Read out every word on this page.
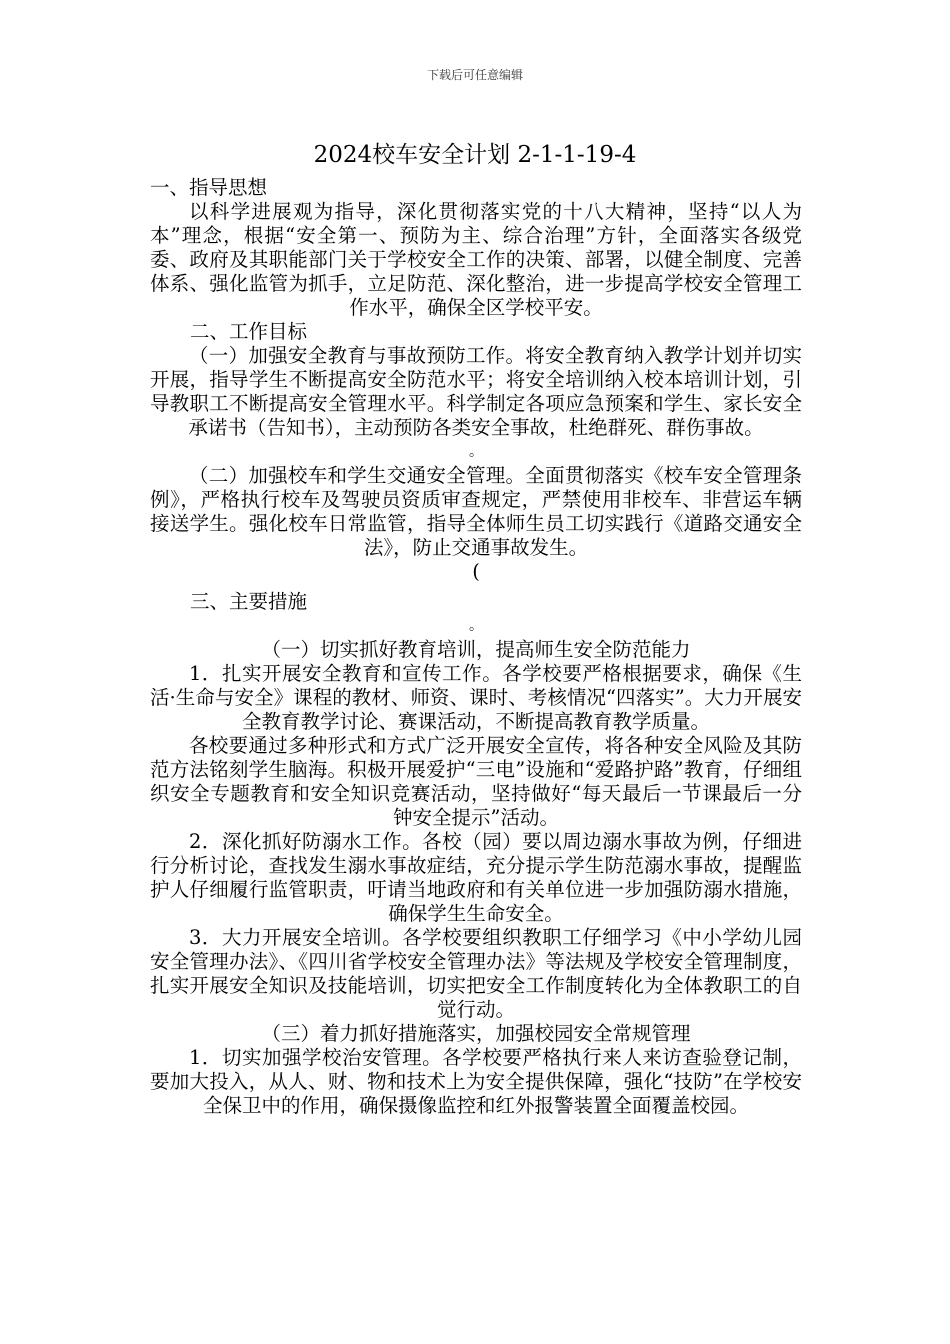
下载后可任意编辑
2024校车安全计划 2-1-1-19-4

一、指导思想

以科学进展观为指导，深化贯彻落实党的十八大精神，坚持“以人为本”理念，根据“安全第一、预防为主、综合治理”方针，全面落实各级党委、政府及其职能部门关于学校安全工作的决策、部署，以健全制度、完善体系、强化监管为抓手，立足防范、深化整治，进一步提高学校安全管理工作水平，确保全区学校平安。

二、工作目标

（一）加强安全教育与事故预防工作。将安全教育纳入教学计划并切实开展，指导学生不断提高安全防范水平；将安全培训纳入校本培训计划，引导教职工不断提高安全管理水平。科学制定各项应急预案和学生、家长安全承诺书（告知书），主动预防各类安全事故，杜绝群死、群伤事故。

。

（二）加强校车和学生交通安全管理。全面贯彻落实《校车安全管理条例》，严格执行校车及驾驶员资质审查规定，严禁使用非校车、非营运车辆接送学生。强化校车日常监管，指导全体师生员工切实践行《道路交通安全法》，防止交通事故发生。

(

三、主要措施

。

（一）切实抓好教育培训，提高师生安全防范能力

1．扎实开展安全教育和宣传工作。各学校要严格根据要求，确保《生活·生命与安全》课程的教材、师资、课时、考核情况“四落实”。大力开展安全教育教学讨论、赛课活动，不断提高教育教学质量。

各校要通过多种形式和方式广泛开展安全宣传，将各种安全风险及其防范方法铭刻学生脑海。积极开展爱护“三电”设施和“爱路护路”教育，仔细组织安全专题教育和安全知识竞赛活动，坚持做好“每天最后一节课最后一分钟安全提示”活动。

2．深化抓好防溺水工作。各校（园）要以周边溺水事故为例，仔细进行分析讨论，查找发生溺水事故症结，充分提示学生防范溺水事故，提醒监护人仔细履行监管职责，吁请当地政府和有关单位进一步加强防溺水措施，确保学生生命安全。

3．大力开展安全培训。各学校要组织教职工仔细学习《中小学幼儿园安全管理办法》、《四川省学校安全管理办法》等法规及学校安全管理制度，扎实开展安全知识及技能培训，切实把安全工作制度转化为全体教职工的自觉行动。

（三）着力抓好措施落实，加强校园安全常规管理

1．切实加强学校治安管理。各学校要严格执行来人来访查验登记制，要加大投入，从人、财、物和技术上为安全提供保障，强化“技防”在学校安全保卫中的作用，确保摄像监控和红外报警装置全面覆盖校园。
